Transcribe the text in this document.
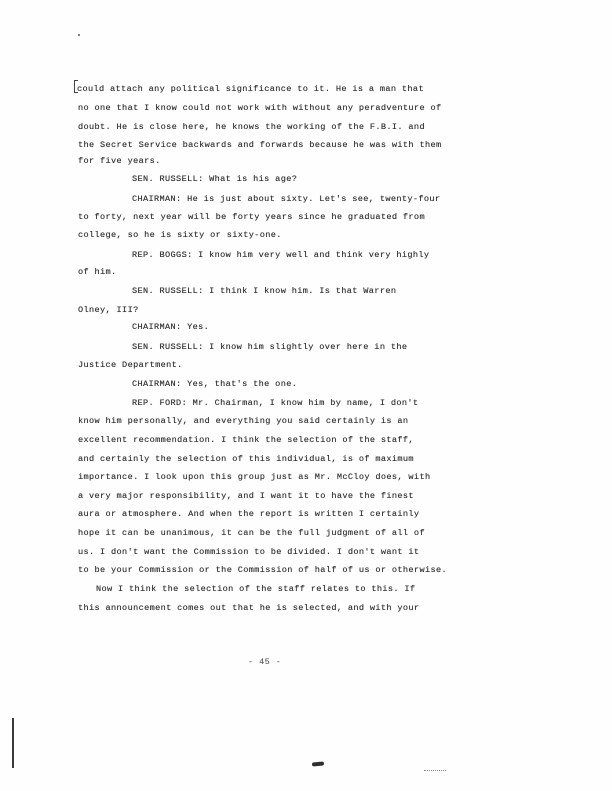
could attach any political significance to it. He is a man that
no one that I know could not work with without any peradventure of
doubt. He is close here, he knows the working of the F.B.I. and
the Secret Service backwards and forwards because he was with them
for five years.
SEN. RUSSELL: What is his age?
CHAIRMAN: He is just about sixty. Let's see, twenty-four
to forty, next year will be forty years since he graduated from
college, so he is sixty or sixty-one.
REP. BOGGS: I know him very well and think very highly
of him.
SEN. RUSSELL: I think I know him. Is that Warren
Olney, III?
CHAIRMAN: Yes.
SEN. RUSSELL: I know him slightly over here in the
Justice Department.
CHAIRMAN: Yes, that's the one.
REP. FORD: Mr. Chairman, I know him by name, I don't
know him personally, and everything you said certainly is an
excellent recommendation. I think the selection of the staff,
and certainly the selection of this individual, is of maximum
importance. I look upon this group just as Mr. McCloy does, with
a very major responsibility, and I want it to have the finest
aura or atmosphere. And when the report is written I certainly
hope it can be unanimous, it can be the full judgment of all of
us. I don't want the Commission to be divided. I don't want it
to be your Commission or the Commission of half of us or otherwise.
Now I think the selection of the staff relates to this. If
this announcement comes out that he is selected, and with your
- 45 -
